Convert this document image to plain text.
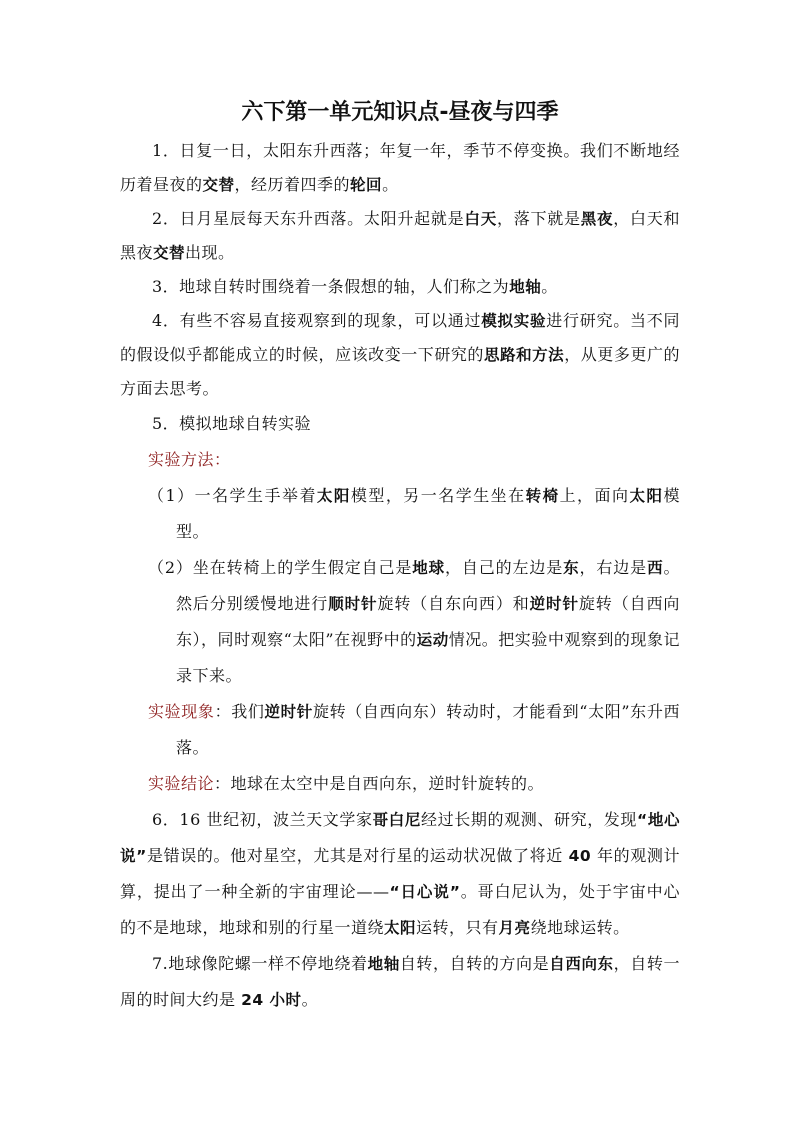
六下第一单元知识点-昼夜与四季

1．日复一日，太阳东升西落；年复一年，季节不停变换。我们不断地经历着昼夜的交替，经历着四季的轮回。

2．日月星辰每天东升西落。太阳升起就是白天，落下就是黑夜，白天和黑夜交替出现。

3．地球自转时围绕着一条假想的轴，人们称之为地轴。

4．有些不容易直接观察到的现象，可以通过模拟实验进行研究。当不同的假设似乎都能成立的时候，应该改变一下研究的思路和方法，从更多更广的方面去思考。

5．模拟地球自转实验

实验方法：

（1）一名学生手举着太阳模型，另一名学生坐在转椅上，面向太阳模型。

（2）坐在转椅上的学生假定自己是地球，自己的左边是东，右边是西。然后分别缓慢地进行顺时针旋转（自东向西）和逆时针旋转（自西向东），同时观察“太阳”在视野中的运动情况。把实验中观察到的现象记录下来。

实验现象：我们逆时针旋转（自西向东）转动时，才能看到“太阳”东升西落。

实验结论：地球在太空中是自西向东，逆时针旋转的。

6．16 世纪初，波兰天文学家哥白尼经过长期的观测、研究，发现“地心说”是错误的。他对星空，尤其是对行星的运动状况做了将近 40 年的观测计算，提出了一种全新的宇宙理论——“日心说”。哥白尼认为，处于宇宙中心的不是地球，地球和别的行星一道绕太阳运转，只有月亮绕地球运转。

7.地球像陀螺一样不停地绕着地轴自转，自转的方向是自西向东，自转一周的时间大约是 24 小时。
